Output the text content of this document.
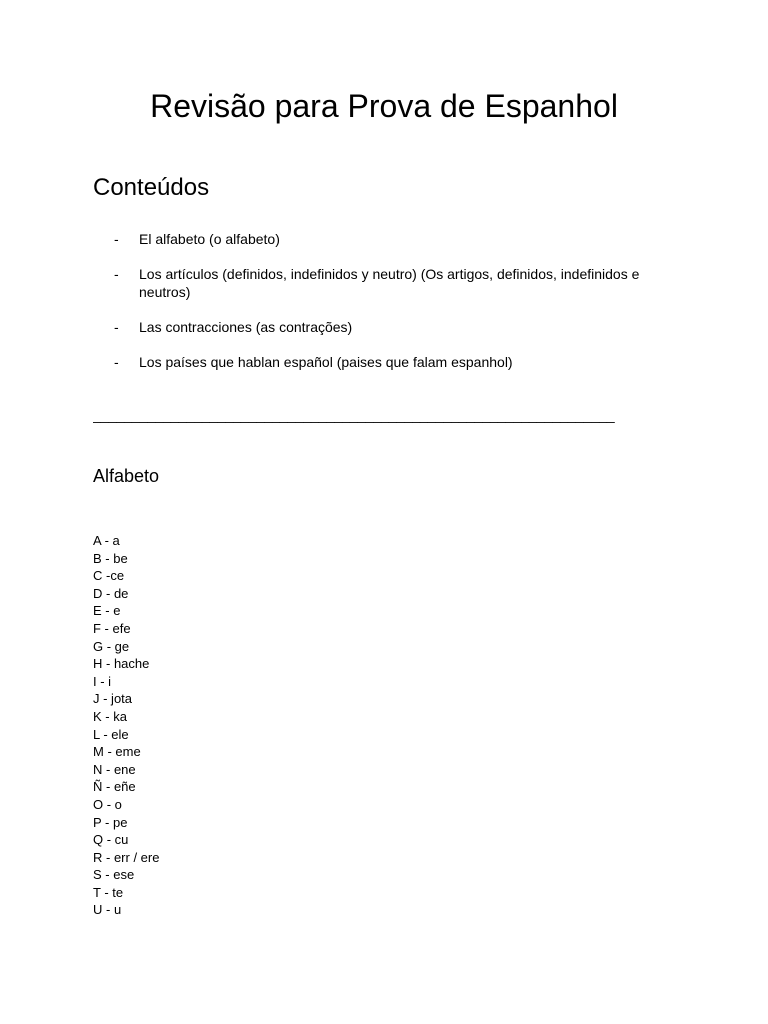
Revisão para Prova de Espanhol
Conteúdos
- El alfabeto (o alfabeto)
- Los artículos (definidos, indefinidos y neutro) (Os artigos, definidos, indefinidos e neutros)
- Las contracciones (as contrações)
- Los países que hablan español (paises que falam espanhol)
___________________________________________________________________
Alfabeto
A - a
B - be
C -ce
D - de
E - e
F - efe
G - ge
H - hache
I - i
J - jota
K - ka
L - ele
M - eme
N - ene
Ñ - eñe
O - o
P - pe
Q - cu
R - err / ere
S - ese
T - te
U - u
